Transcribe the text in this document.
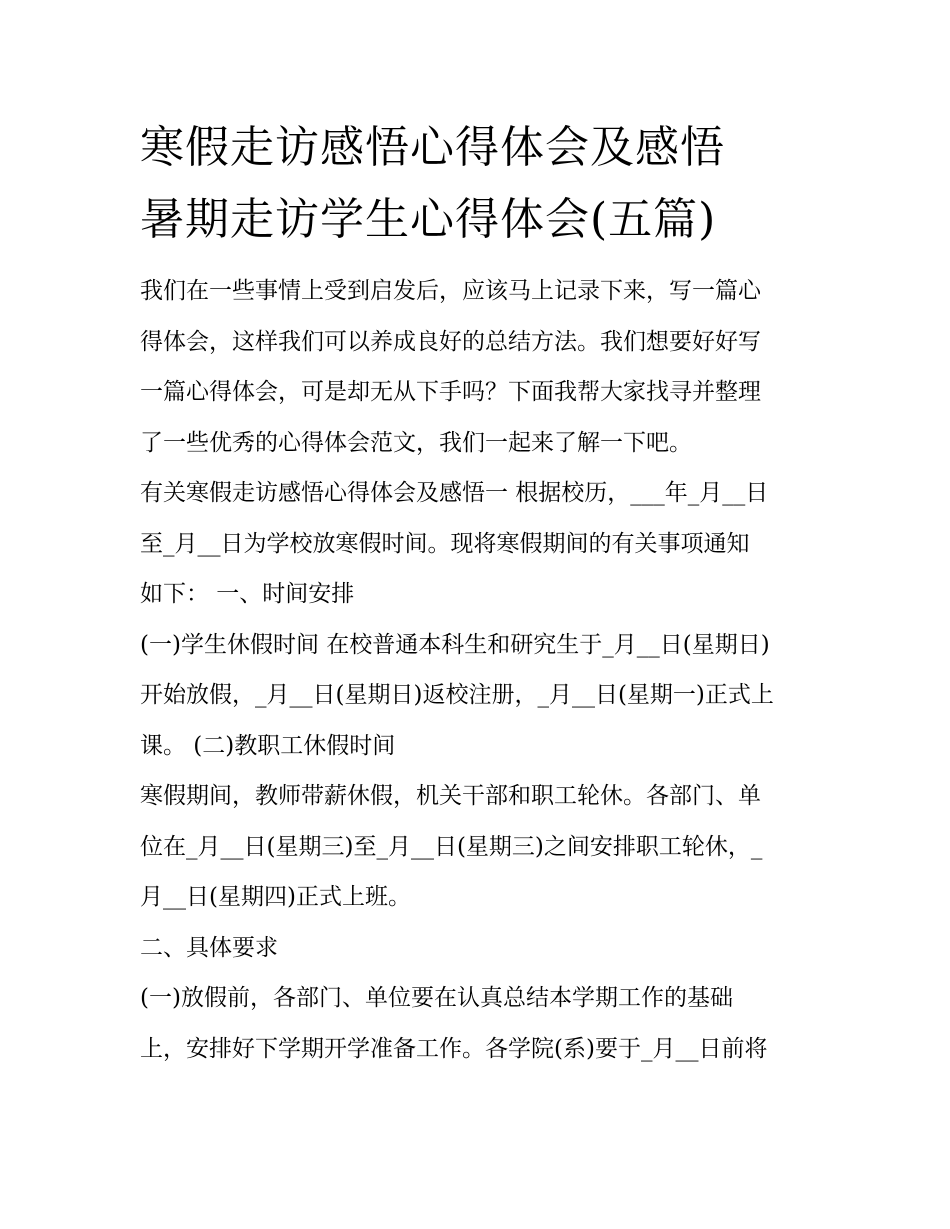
寒假走访感悟心得体会及感悟
暑期走访学生心得体会(五篇)

我们在一些事情上受到启发后，应该马上记录下来，写一篇心
得体会，这样我们可以养成良好的总结方法。我们想要好好写
一篇心得体会，可是却无从下手吗？下面我帮大家找寻并整理
了一些优秀的心得体会范文，我们一起来了解一下吧。

有关寒假走访感悟心得体会及感悟一 根据校历，___年_月__日
至_月__日为学校放寒假时间。现将寒假期间的有关事项通知
如下： 一、时间安排

(一)学生休假时间 在校普通本科生和研究生于_月__日(星期日)
开始放假，_月__日(星期日)返校注册，_月__日(星期一)正式上
课。 (二)教职工休假时间

寒假期间，教师带薪休假，机关干部和职工轮休。各部门、单
位在_月__日(星期三)至_月__日(星期三)之间安排职工轮休，_
月__日(星期四)正式上班。

二、具体要求

(一)放假前，各部门、单位要在认真总结本学期工作的基础
上，安排好下学期开学准备工作。各学院(系)要于_月__日前将
